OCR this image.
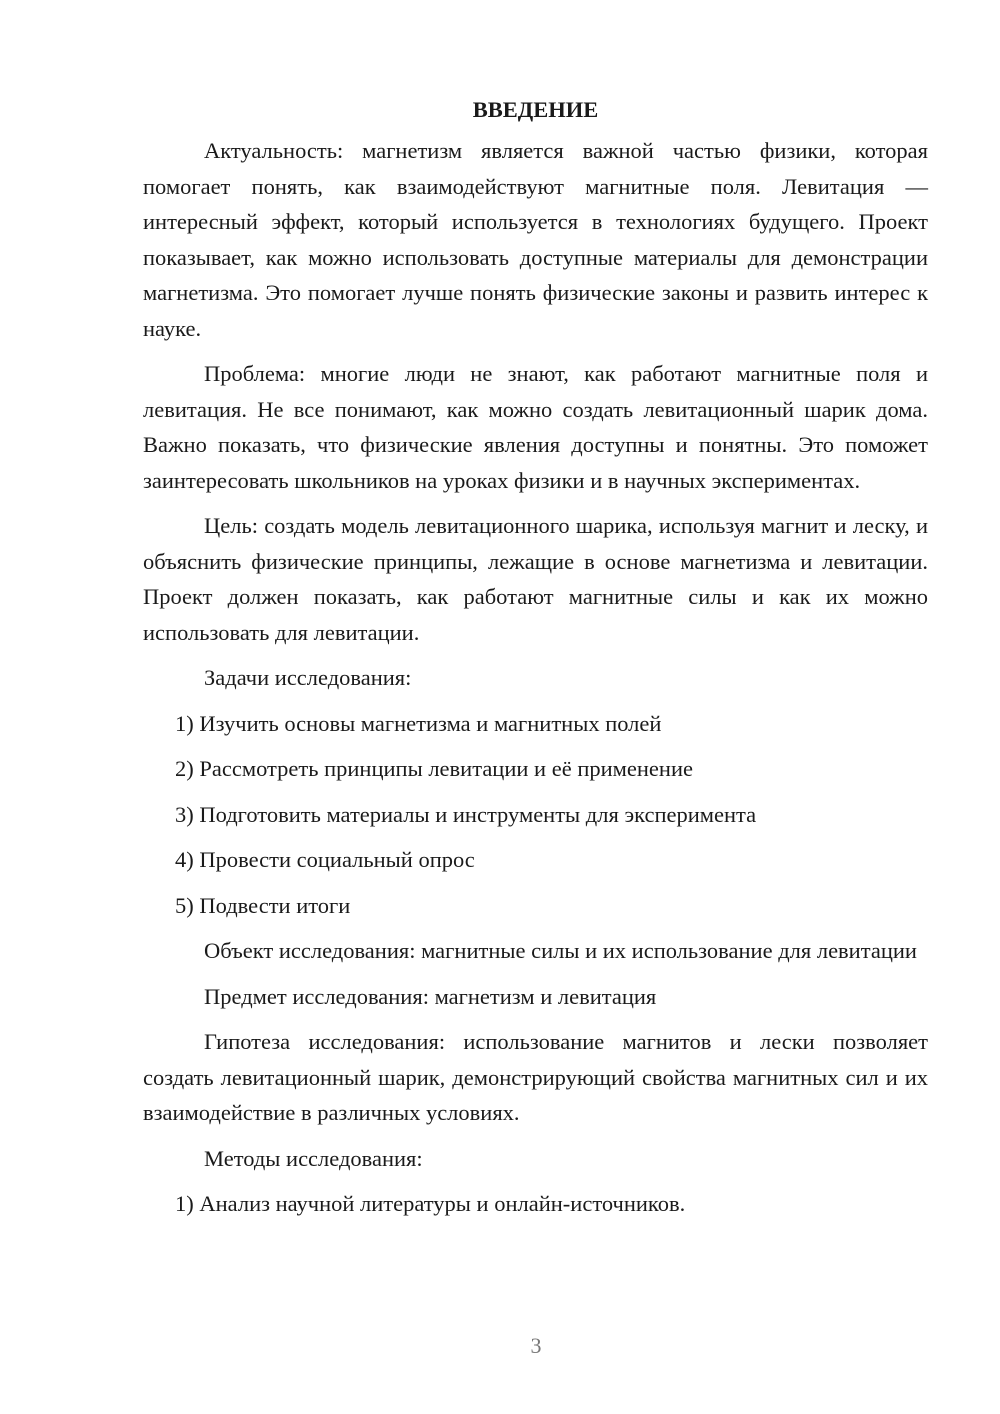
ВВЕДЕНИЕ

Актуальность: магнетизм является важной частью физики, которая помогает понять, как взаимодействуют магнитные поля. Левитация — интересный эффект, который используется в технологиях будущего. Проект показывает, как можно использовать доступные материалы для демонстрации магнетизма. Это помогает лучше понять физические законы и развить интерес к науке.

Проблема: многие люди не знают, как работают магнитные поля и левитация. Не все понимают, как можно создать левитационный шарик дома. Важно показать, что физические явления доступны и понятны. Это поможет заинтересовать школьников на уроках физики и в научных экспериментах.

Цель: создать модель левитационного шарика, используя магнит и леску, и объяснить физические принципы, лежащие в основе магнетизма и левитации. Проект должен показать, как работают магнитные силы и как их можно использовать для левитации.

Задачи исследования:

1) Изучить основы магнетизма и магнитных полей

2) Рассмотреть принципы левитации и её применение

3) Подготовить материалы и инструменты для эксперимента

4) Провести социальный опрос

5) Подвести итоги

Объект исследования: магнитные силы и их использование для левитации

Предмет исследования: магнетизм и левитация

Гипотеза исследования: использование магнитов и лески позволяет создать левитационный шарик, демонстрирующий свойства магнитных сил и их взаимодействие в различных условиях.

Методы исследования:

1) Анализ научной литературы и онлайн-источников.

3
